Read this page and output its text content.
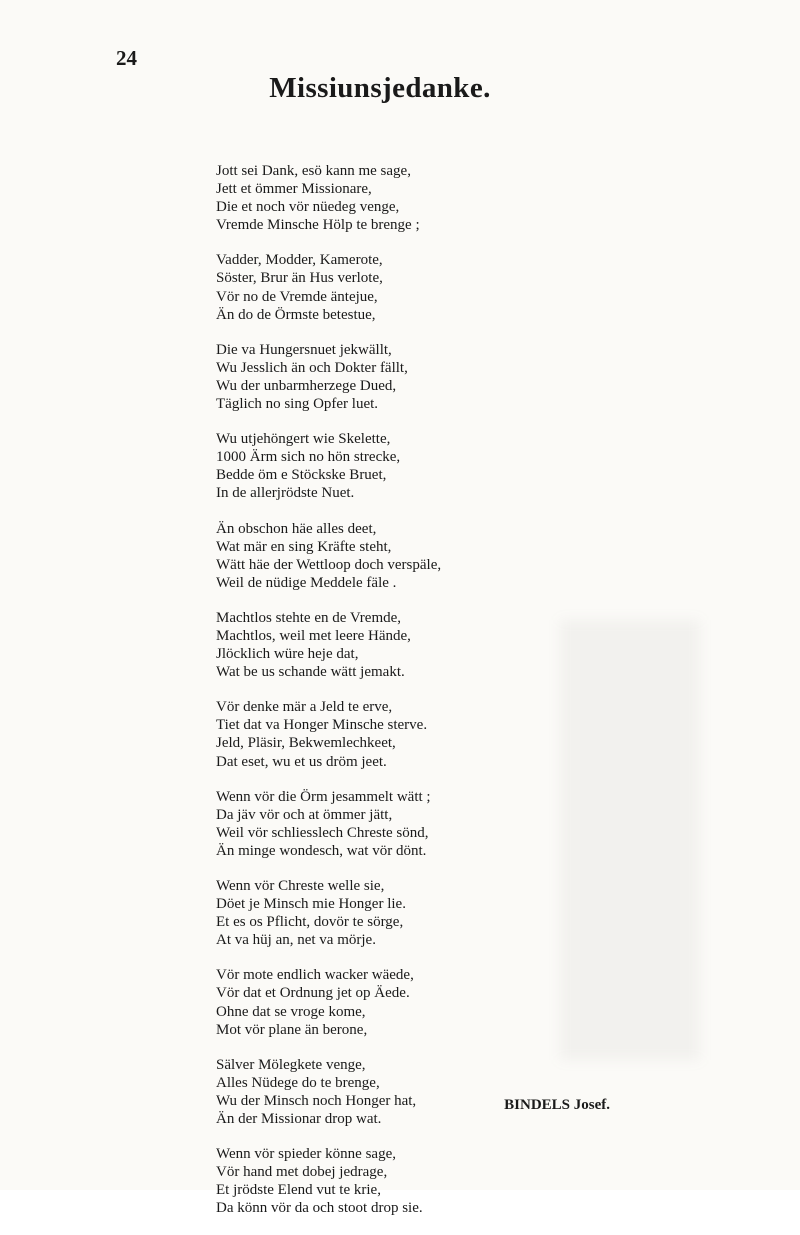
24
Missiunsjedanke.
Jott sei Dank, esö kann me sage,
Jett et ömmer Missionare,
Die et noch vör nüedeg venge,
Vremde Minsche Hölp te brenge ;
Vadder, Modder, Kamerote,
Söster, Brur än Hus verlote,
Vör no de Vremde äntejue,
Än do de Örmste betestue,
Die va Hungersnuet jekwällt,
Wu Jesslich än och Dokter fällt,
Wu der unbarmherzege Dued,
Täglich no sing Opfer luet.
Wu utjehöngert wie Skelette,
1000 Ärm sich no hön strecke,
Bedde öm e Stöckske Bruet,
In de allerjrödste Nuet.
Än obschon häe alles deet,
Wat mär en sing Kräfte steht,
Wätt häe der Wettloop doch verspäle,
Weil de nüdige Meddele fäle .
Machtlos stehte en de Vremde,
Machtlos, weil met leere Hände,
Jlöcklich würe heje dat,
Wat be us schande wätt jemakt.
Vör denke mär a Jeld te erve,
Tiet dat va Honger Minsche sterve.
Jeld, Pläsir, Bekwemlechkeet,
Dat eset, wu et us dröm jeet.
Wenn vör die Örm jesammelt wätt ;
Da jäv vör och at ömmer jätt,
Weil vör schliesslech Chreste sönd,
Än minge wondesch, wat vör dönt.
Wenn vör Chreste welle sie,
Döet je Minsch mie Honger lie.
Et es os Pflicht, dovör te sörge,
At va hüj an, net va mörje.
Vör mote endlich wacker wäede,
Vör dat et Ordnung jet op Äede.
Ohne dat se vroge kome,
Mot vör plane än berone,
Sälver Mölegkete venge,
Alles Nüdege do te brenge,
Wu der Minsch noch Honger hat,
Än der Missionar drop wat.
Wenn vör spieder könne sage,
Vör hand met dobej jedrage,
Et jrödste Elend vut te krie,
Da könn vör da och stoot drop sie.
BINDELS Josef.
